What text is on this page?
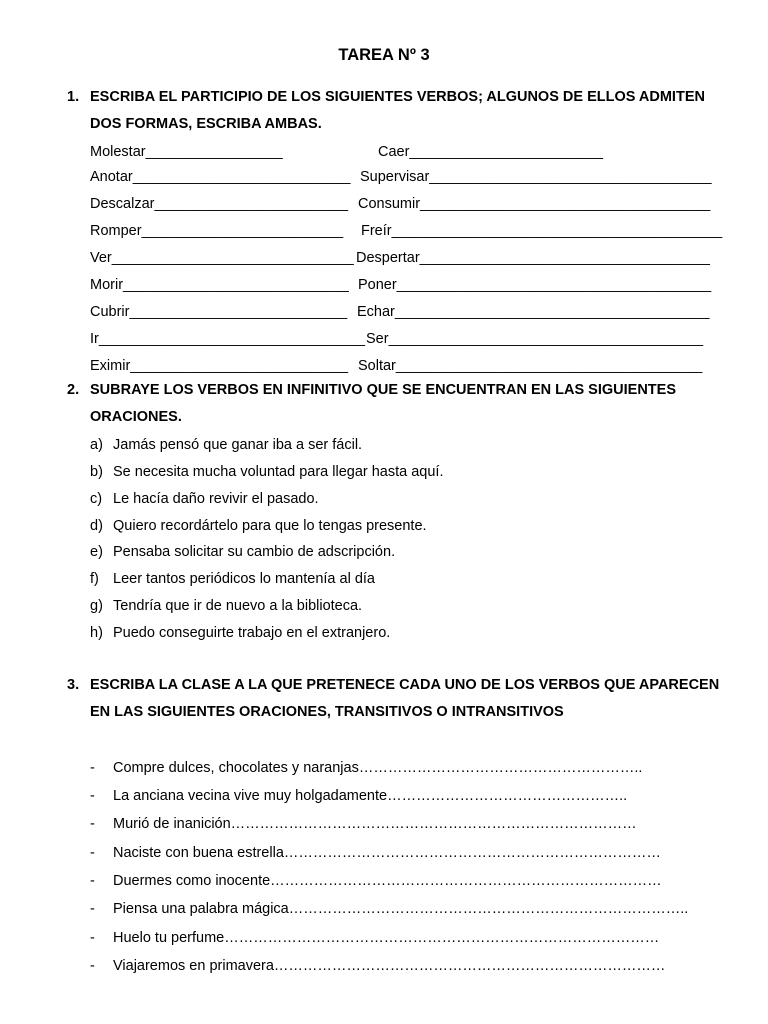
TAREA Nº 3
1. ESCRIBA EL PARTICIPIO DE LOS SIGUIENTES VERBOS; ALGUNOS DE ELLOS ADMITEN DOS FORMAS, ESCRIBA AMBAS.
Molestar_________________	Caer________________________
Anotar___________________________ Supervisar___________________________________
Descalzar________________________ Consumir____________________________________
Romper_________________________ Freír_________________________________________
Ver______________________________ Despertar____________________________________
Morir____________________________ Poner_______________________________________
Cubrir___________________________ Echar_______________________________________
Ir_________________________________ Ser_______________________________________
Eximir___________________________ Soltar______________________________________
2. SUBRAYE LOS VERBOS EN INFINITIVO QUE SE ENCUENTRAN EN LAS SIGUIENTES ORACIONES.
a) Jamás pensó que ganar iba a ser fácil.
b) Se necesita mucha voluntad para llegar hasta aquí.
c) Le hacía daño revivir el pasado.
d) Quiero recordártelo para que lo tengas presente.
e) Pensaba solicitar su cambio de adscripción.
f) Leer tantos periódicos lo mantenía al día
g) Tendría que ir de nuevo a la biblioteca.
h) Puedo conseguirte trabajo en el extranjero.
3. ESCRIBA LA CLASE A LA QUE PRETENECE CADA UNO DE LOS VERBOS QUE APARECEN EN LAS SIGUIENTES ORACIONES, TRANSITIVOS O INTRANSITIVOS
- Compre dulces, chocolates y naranjas…………………………………………………..
- La anciana vecina vive muy holgadamente…………………………………………..
- Murió de inanición…………………………………………………………………………
- Naciste con buena estrella……………………………………………………………………
- Duermes como inocente………………………………………………………………………
- Piensa una palabra mágica………………………………………………………………………..
- Huelo tu perfume………………………………………………………………………………
- Viajaremos en primavera………………………………………………………………………
